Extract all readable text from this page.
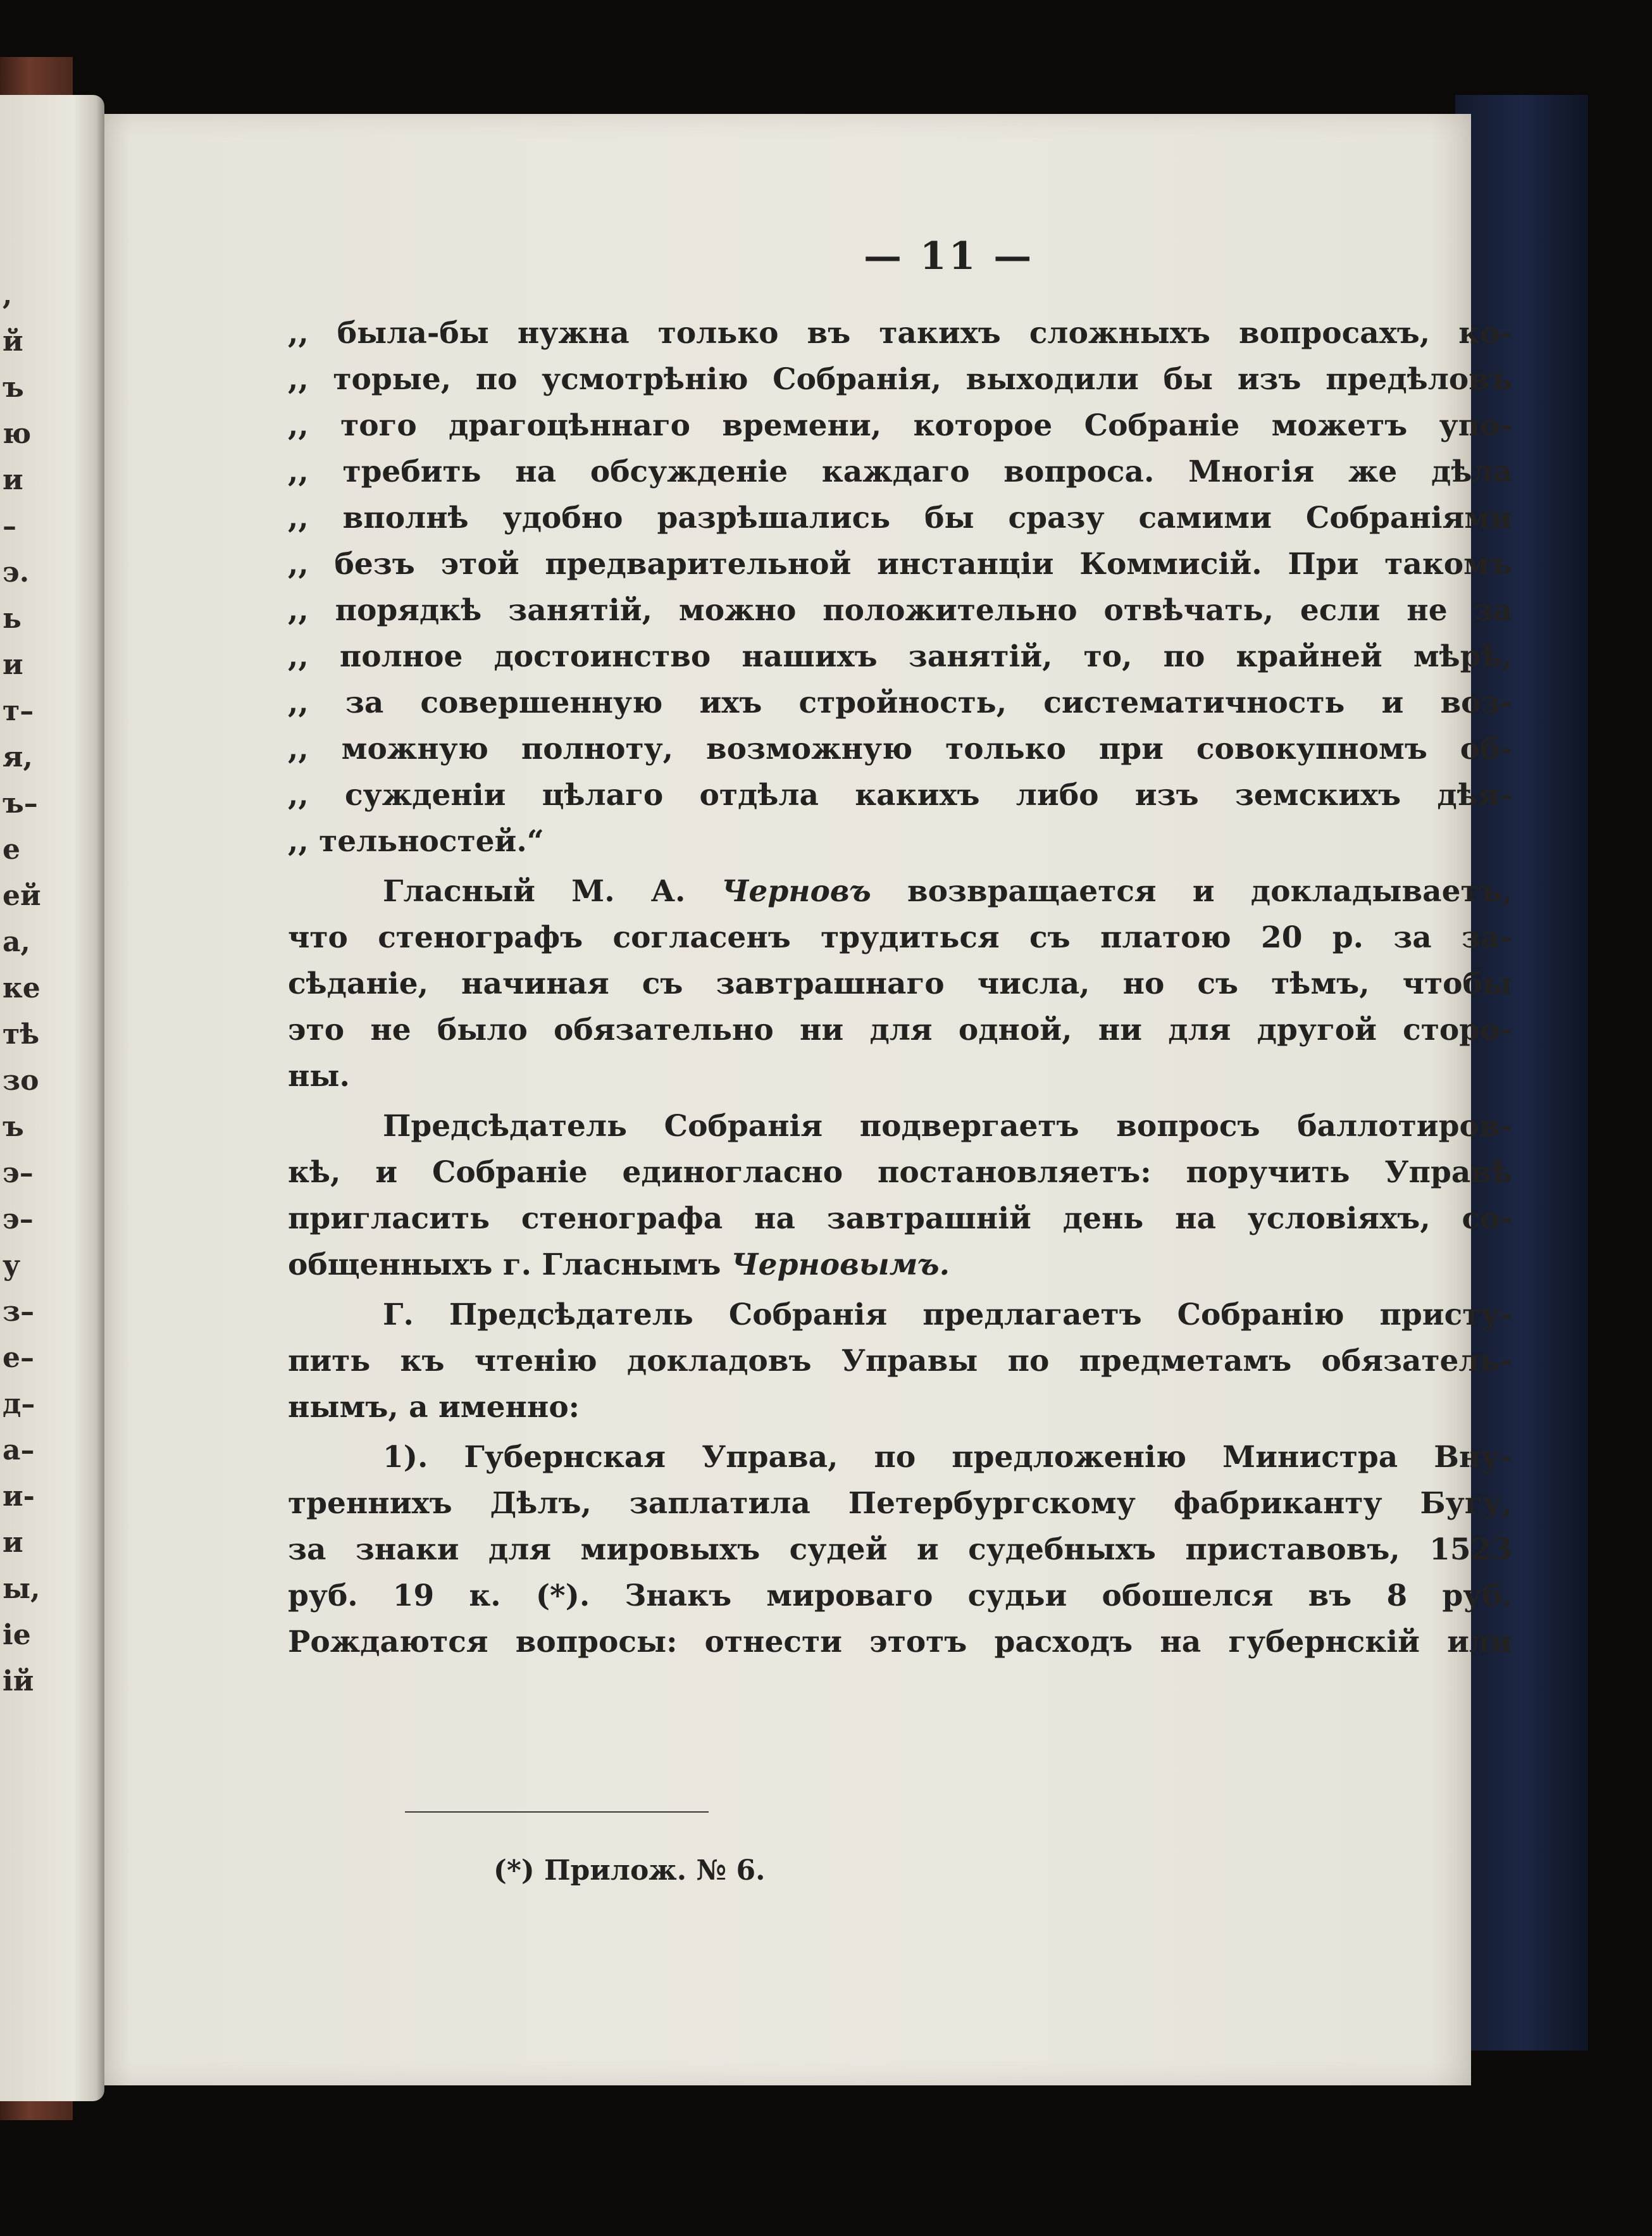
,
й
ъ
ю
и
–
э.
ь
и
т–
я,
ъ–
е
ей
а,
ке
тѣ
зо
ъ
э–
э–
у
з–
е–
д–
а–
и-
и
ы,
іе
ій
— 11 —
,, была-бы нужна только въ такихъ сложныхъ вопросахъ, ко-
,, торые, по усмотрѣнію Собранія, выходили бы изъ предѣловъ
,, того драгоцѣннаго времени, которое Собраніе можетъ упо-
,, требить на обсужденіе каждаго вопроса. Многія же дѣла
,, вполнѣ удобно разрѣшались бы сразу самими Собраніями
,, безъ этой предварительной инстанціи Коммисій. При такомъ
,, порядкѣ занятій, можно положительно отвѣчать, если не за
,, полное достоинство нашихъ занятій, то, по крайней мѣрѣ,
,, за совершенную ихъ стройность, систематичность и воз-
,, можную полноту, возможную только при совокупномъ об-
,, сужденіи цѣлаго отдѣла какихъ либо изъ земскихъ дѣя-
,, тельностей.“
Гласный М. А. Черновъ возвращается и докладываетъ,
что стенографъ согласенъ трудиться съ платою 20 р. за за-
сѣданіе, начиная съ завтрашнаго числа, но съ тѣмъ, чтобы
это не было обязательно ни для одной, ни для другой сторо-
ны.
Предсѣдатель Собранія подвергаетъ вопросъ баллотиров-
кѣ, и Собраніе единогласно постановляетъ: поручить Управѣ
пригласить стенографа на завтрашній день на условіяхъ, со-
общенныхъ г. Гласнымъ Черновымъ.
Г. Предсѣдатель Собранія предлагаетъ Собранію присту-
пить къ чтенію докладовъ Управы по предметамъ обязатель-
нымъ, а именно:
1). Губернская Управа, по предложенію Министра Вну-
треннихъ Дѣлъ, заплатила Петербургскому фабриканту Бугу,
за знаки для мировыхъ судей и судебныхъ приставовъ, 1523
руб. 19 к. (*). Знакъ мироваго судьи обошелся въ 8 руб.
Рождаются вопросы: отнести этотъ расходъ на губернскій или
(*) Прилож. № 6.
